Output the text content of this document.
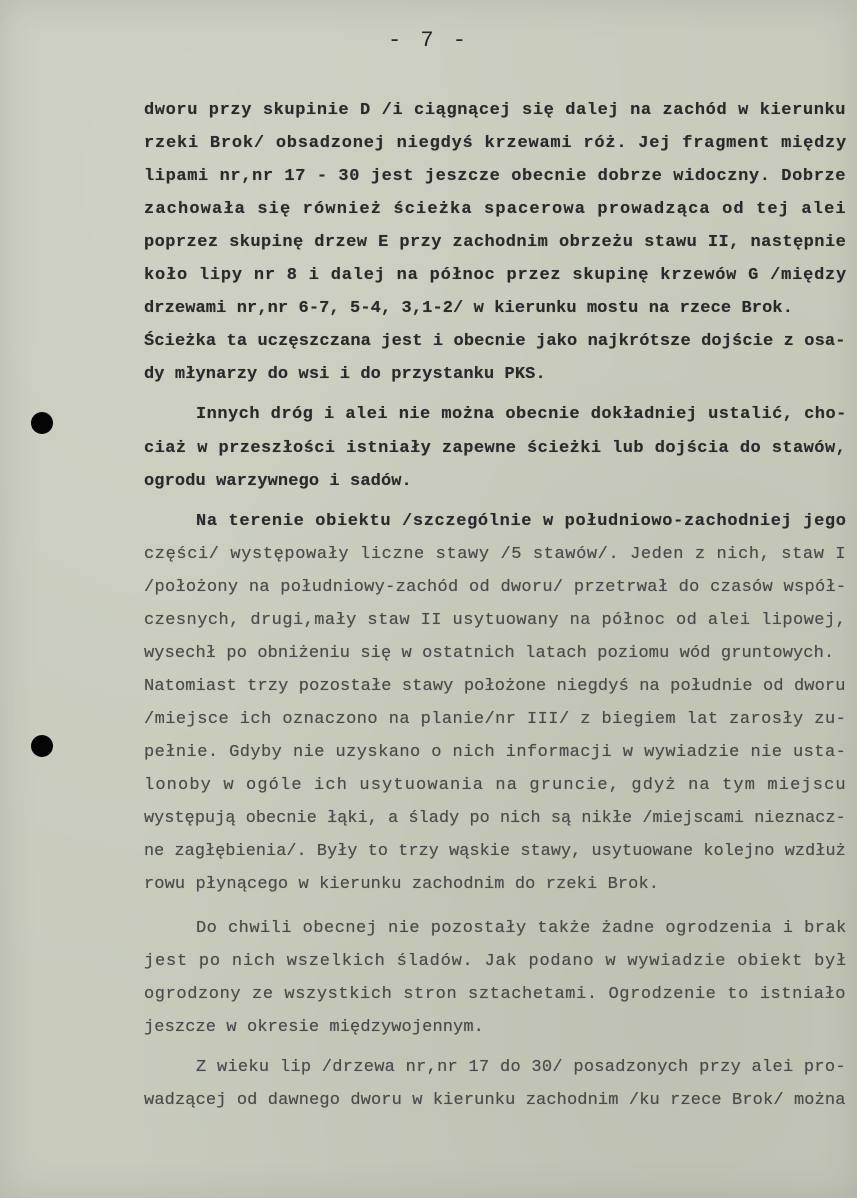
- 7 -
dworu przy skupinie D /i ciągnącej się dalej na zachód w kierunku
rzeki Brok/ obsadzonej niegdyś krzewami róż. Jej fragment między
lipami nr,nr 17 - 30 jest jeszcze obecnie dobrze widoczny. Dobrze
zachowała się również ścieżka spacerowa prowadząca od tej alei
poprzez skupinę drzew E przy zachodnim obrzeżu stawu II, następnie
koło lipy nr 8 i dalej na północ przez skupinę krzewów G /między
drzewami nr,nr 6-7, 5-4, 3,1-2/ w kierunku mostu na rzece Brok.
Ścieżka ta uczęszczana jest i obecnie jako najkrótsze dojście z osa-
dy młynarzy do wsi i do przystanku PKS.
Innych dróg i alei nie można obecnie dokładniej ustalić, cho-
ciaż w przeszłości istniały zapewne ścieżki lub dojścia do stawów,
ogrodu warzywnego i sadów.
Na terenie obiektu /szczególnie w południowo-zachodniej jego
części/ występowały liczne stawy /5 stawów/. Jeden z nich, staw I
/położony na południowy-zachód od dworu/ przetrwał do czasów współ-
czesnych, drugi,mały staw II usytuowany na północ od alei lipowej,
wysechł po obniżeniu się w ostatnich latach poziomu wód gruntowych.
Natomiast trzy pozostałe stawy położone niegdyś na południe od dworu
/miejsce ich oznaczono na planie/nr III/ z biegiem lat zarosły zu-
pełnie. Gdyby nie uzyskano o nich informacji w wywiadzie nie usta-
lonoby w ogóle ich usytuowania na gruncie, gdyż na tym miejscu
występują obecnie łąki, a ślady po nich są nikłe /miejscami nieznacz-
ne zagłębienia/. Były to trzy wąskie stawy, usytuowane kolejno wzdłuż
rowu płynącego w kierunku zachodnim do rzeki Brok.
Do chwili obecnej nie pozostały także żadne ogrodzenia i brak
jest po nich wszelkich śladów. Jak podano w wywiadzie obiekt był
ogrodzony ze wszystkich stron sztachetami. Ogrodzenie to istniało
jeszcze w okresie międzywojennym.
Z wieku lip /drzewa nr,nr 17 do 30/ posadzonych przy alei pro-
wadzącej od dawnego dworu w kierunku zachodnim /ku rzece Brok/ można
